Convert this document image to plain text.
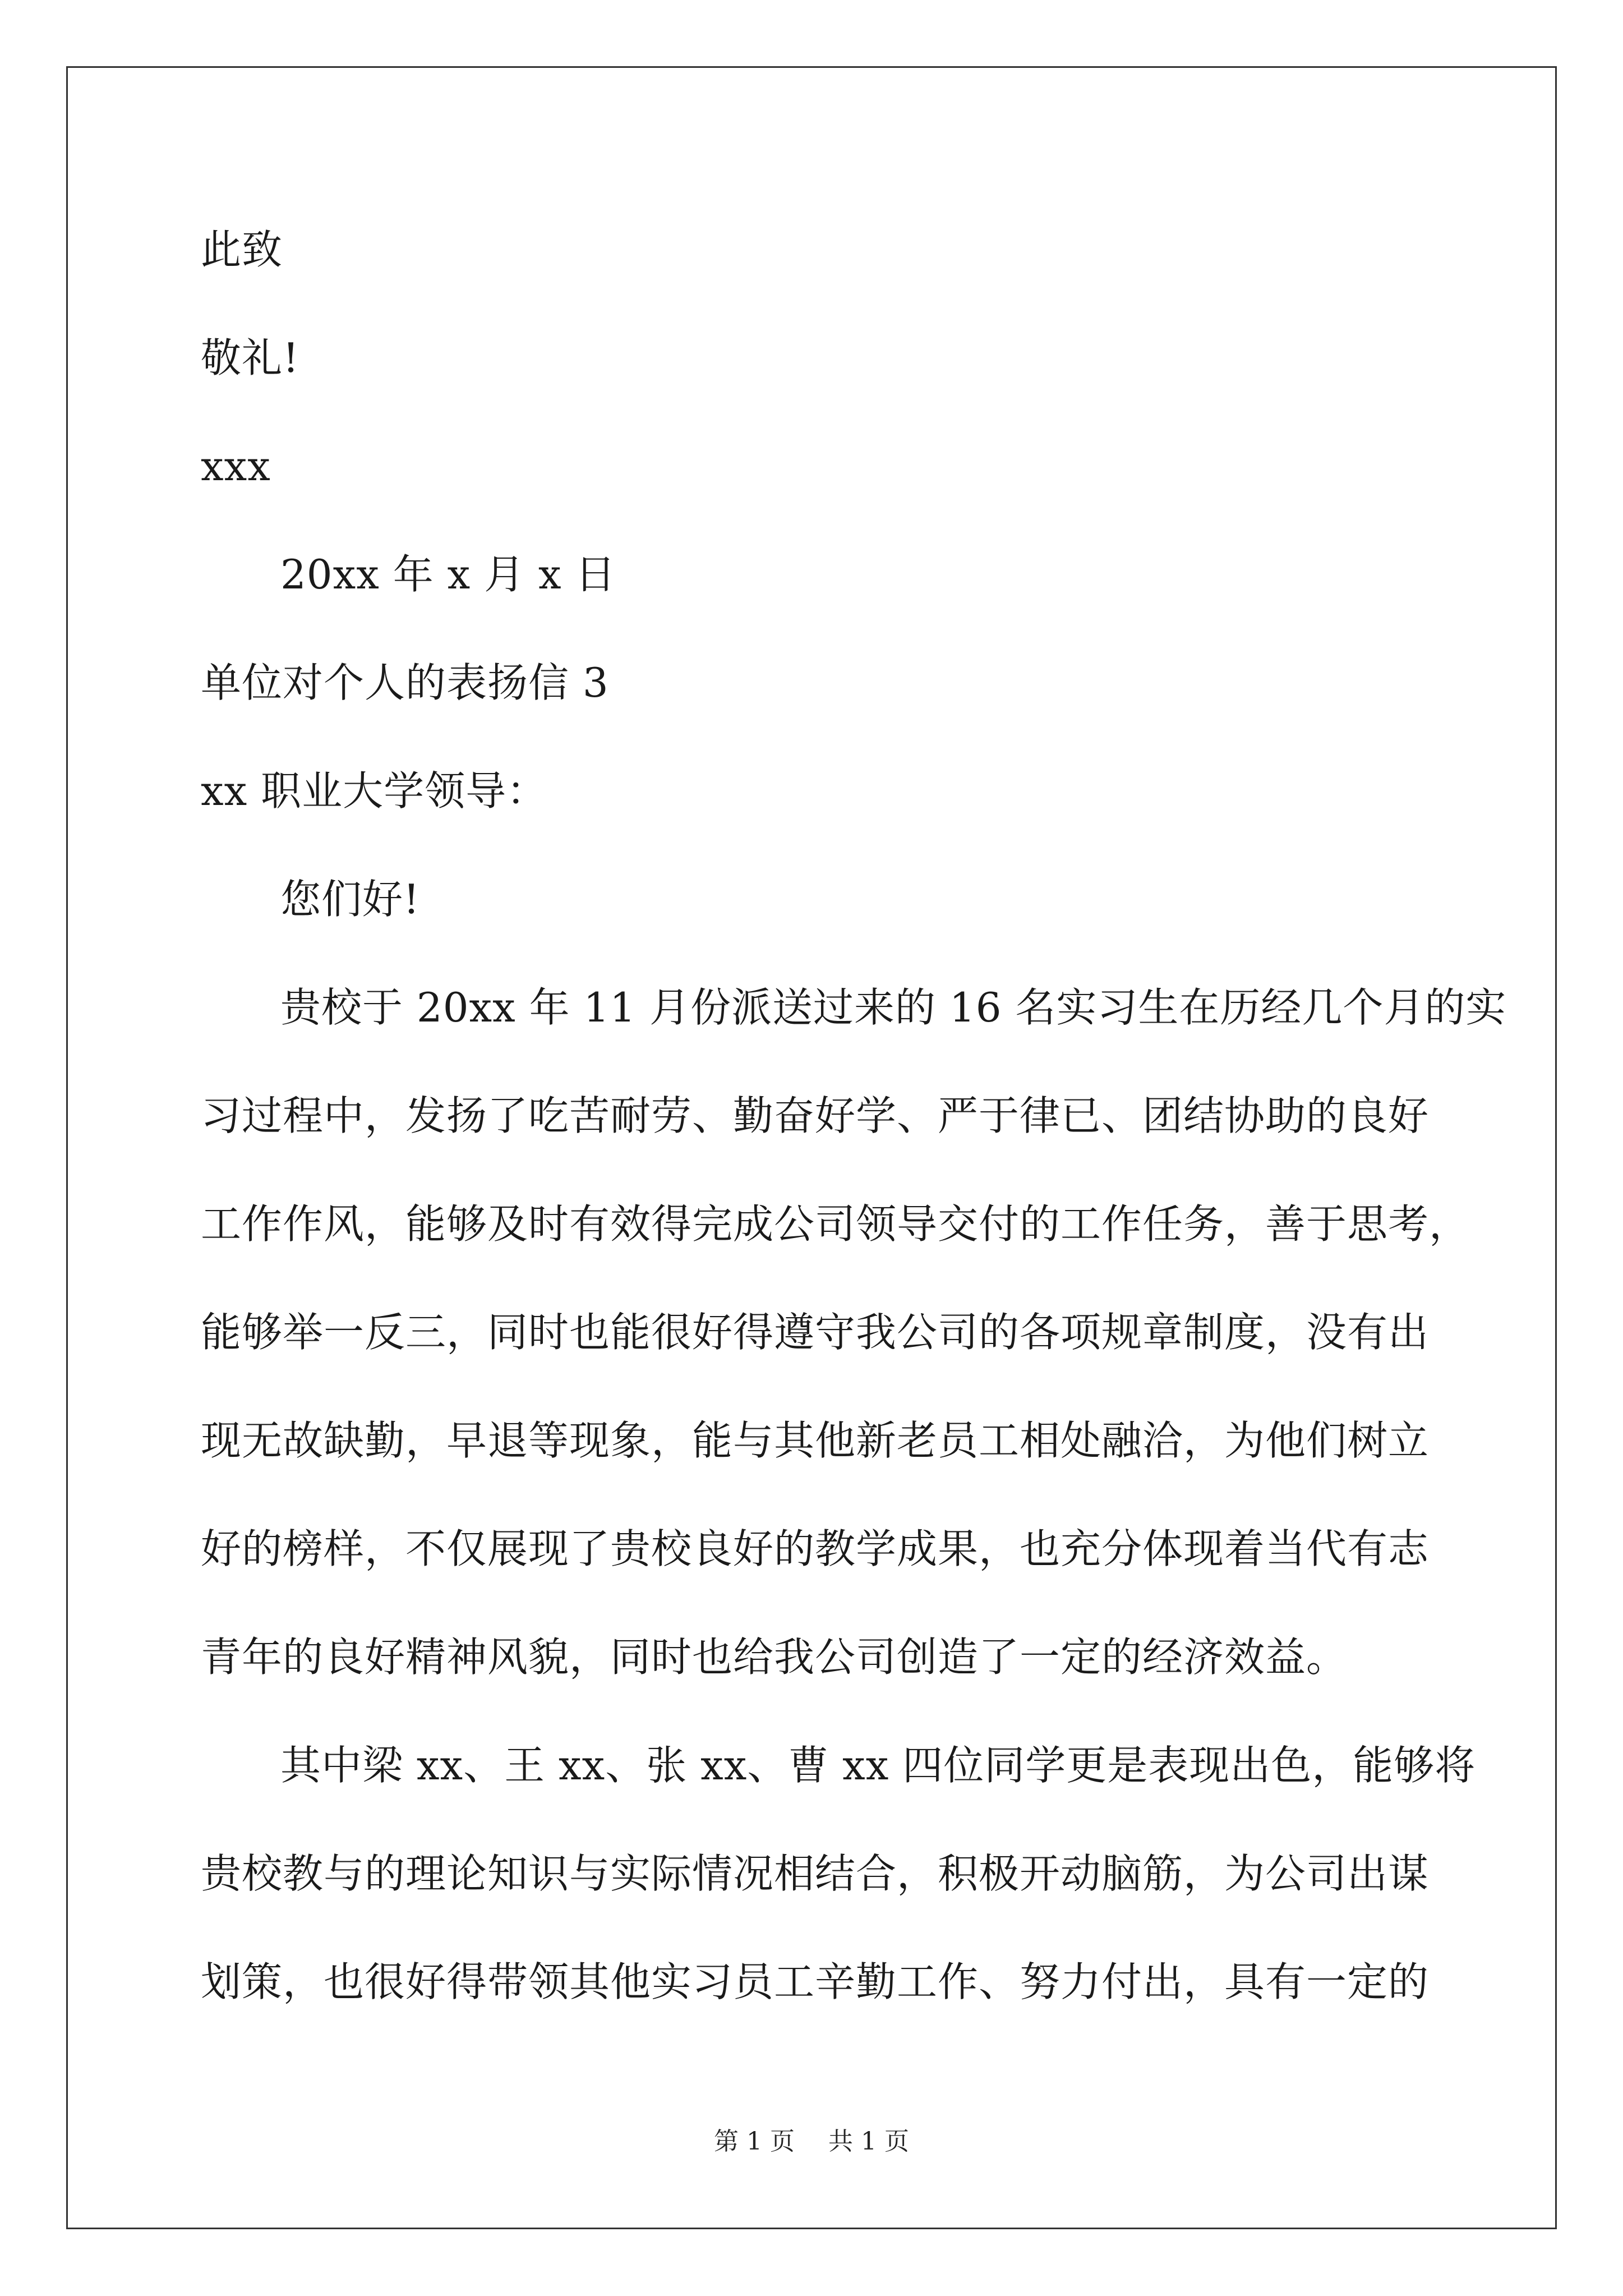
此致
敬礼!
xxx
20xx 年 x 月 x 日
单位对个人的表扬信 3
xx 职业大学领导：
您们好!
贵校于 20xx 年 11 月份派送过来的 16 名实习生在历经几个月的实
习过程中，发扬了吃苦耐劳、勤奋好学、严于律已、团结协助的良好
工作作风，能够及时有效得完成公司领导交付的工作任务，善于思考，
能够举一反三，同时也能很好得遵守我公司的各项规章制度，没有出
现无故缺勤，早退等现象，能与其他新老员工相处融洽，为他们树立
好的榜样，不仅展现了贵校良好的教学成果，也充分体现着当代有志
青年的良好精神风貌，同时也给我公司创造了一定的经济效益。
其中梁 xx、王 xx、张 xx、曹 xx 四位同学更是表现出色，能够将
贵校教与的理论知识与实际情况相结合，积极开动脑筋，为公司出谋
划策，也很好得带领其他实习员工辛勤工作、努力付出，具有一定的
第 1 页 共 1 页
